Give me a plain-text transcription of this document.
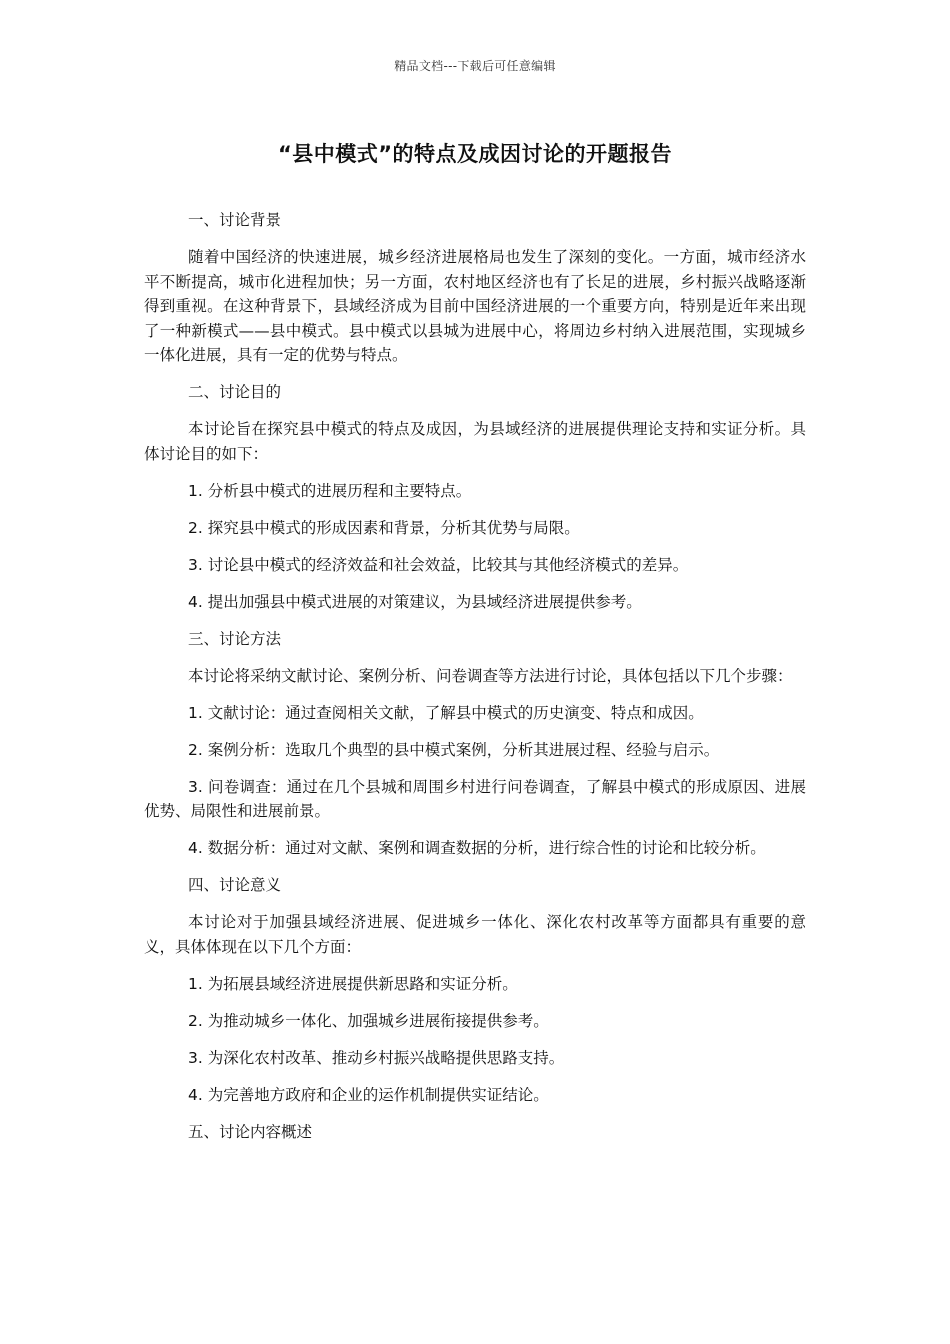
精品文档---下载后可任意编辑
“县中模式”的特点及成因讨论的开题报告

一、讨论背景

随着中国经济的快速进展，城乡经济进展格局也发生了深刻的变化。一方面，城市经济水平不断提高，城市化进程加快；另一方面，农村地区经济也有了长足的进展，乡村振兴战略逐渐得到重视。在这种背景下，县域经济成为目前中国经济进展的一个重要方向，特别是近年来出现了一种新模式——县中模式。县中模式以县城为进展中心，将周边乡村纳入进展范围，实现城乡一体化进展，具有一定的优势与特点。

二、讨论目的

本讨论旨在探究县中模式的特点及成因，为县域经济的进展提供理论支持和实证分析。具体讨论目的如下：

1. 分析县中模式的进展历程和主要特点。

2. 探究县中模式的形成因素和背景，分析其优势与局限。

3. 讨论县中模式的经济效益和社会效益，比较其与其他经济模式的差异。

4. 提出加强县中模式进展的对策建议，为县域经济进展提供参考。

三、讨论方法

本讨论将采纳文献讨论、案例分析、问卷调查等方法进行讨论，具体包括以下几个步骤：

1. 文献讨论：通过查阅相关文献，了解县中模式的历史演变、特点和成因。

2. 案例分析：选取几个典型的县中模式案例，分析其进展过程、经验与启示。

3. 问卷调查：通过在几个县城和周围乡村进行问卷调查，了解县中模式的形成原因、进展优势、局限性和进展前景。

4. 数据分析：通过对文献、案例和调查数据的分析，进行综合性的讨论和比较分析。

四、讨论意义

本讨论对于加强县域经济进展、促进城乡一体化、深化农村改革等方面都具有重要的意义，具体体现在以下几个方面：

1. 为拓展县域经济进展提供新思路和实证分析。

2. 为推动城乡一体化、加强城乡进展衔接提供参考。

3. 为深化农村改革、推动乡村振兴战略提供思路支持。

4. 为完善地方政府和企业的运作机制提供实证结论。

五、讨论内容概述
